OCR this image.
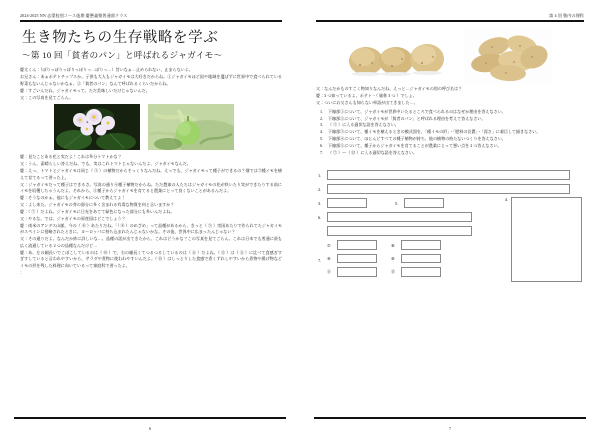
2024-2025 NN 志望校別コース後期 慶應義塾普通部クラス
生き物たちの生存戦略を学ぶ
〜第 10 回「貧者のパン」と呼ばれるジャガイモ〜
慶太くん：（ぽりっぽりっぽりっぽりっ…ぽりっ…）旨いなぁ…止められない、止まらないよ。
お兄さん：あぁポテトチップスか。子供も大人もジャガイモは大好きだからね。①ジャガイモほど国や地域を選ばずに世界中で食べられている野菜もないんじゃないかなぁ。②「貧者のパン」なんて呼ばれるくらいだからね。
慶：すごいんだね、ジャガイモって。ただ美味しいだけじゃないんだ。
父：この写真を見てごらん。
慶：見たことある花と実だよ！これは多分トマトかな？
父：うん、素晴らしい答えだね。でも、実はこれトマトじゃないんだよ、ジャガイモなんだ。
慶：えっ、トマトとジャガイモは同じ（ ③ ）の植物だからそっくりなんだね。えっでも、ジャガイモって種子ができるの？畑では③種イモを植えて育てるって習った上。
父：ジャガイモだって種子はできるさ。写真の通り④種子植物だからね。ただ農家の人たちはジャガイモの花が咲いたり実ができたりする前にイモを収穫しちゃうんだよ。それから、⑤種子からジャガイモを育てると農業にとって良くないことがあるんだよ。
慶：そうなのかぁ。他にもジャガイモについて教えてよ！
父：よし来た。ジャガイモの芽の部分に多く含まれる有毒な物質を何と言いますか？
慶：（ ⑦ ）だよね。ジャガイモに日光をあてて緑色になった部分にも多いんだよね。
父：やるな。では、ジャガイモの原産国はどこでしょう？
慶：南米のアンデス山脈、今の（ ⑧ ）あたりだね。「（ ⑧ ）のめざめ」って品種があるから、きっと（ ⑨ ）帝国あたりで作られてたジャガイモがスペインに侵略されたときに、ヨーロッパに持ち込まれたんじゃないかな。その後、世界中に広まったんじゃない？
父：その通りだよ。なんだか妙に詳しいな…。品種の話が出てきたから、これはどうかな？この写真を見てごらん。これは日本でも普通に最も広く流通している 2 つの品種なんだけど…
慶：あ、左の細長いでこぼこしているのは（ ⑩ ）で、右の細長くてつるつるしているのは（ ⑪ ）だよね。（ ⑫ ）は（ ⑪ ）に比べて食感ぎすぎすしていると言われやすいから、サラダや煮物に使われやすいんだよ。（ ⑬ ）はしっとりした食感で煮くずれしやすいから煮物や揚げ物などイモの形を残した料理に向いているって家庭科で習ったよ。
：
6
第 4 回 塾内の理科
父：なんだかものすごく物知りなんだね、えっと…ジャガイモの別の呼び名は？
慶：3 つ知っているよ。ポテト・（ 総称 3 つ ）でしょ。
父：ついにお父さんも知らない単語が出てきました…。
1.	下線部①について、ジャガイモが世界中いたるところで食べられるのはなぜか理由を答えなさい。
2.	下線部②について、ジャガイモが「貧者のパン」と呼ばれる理由を考えて答えなさい。
3.	（ ③ ）に入る適切な語を答えなさい。
4.	下線部③について、種イモを植えるときの模式図を、「種イモの形」・「肥料の位置」・「深さ」に着目して描きなさい。
5.	下線部④について、ほとんどすべての種子植物が持ち、他の植物の持たないつくりを答えなさい。
6.	下線部⑤について、種子からジャガイモを育てることが農業にとって悪い点を 2 つ答えなさい。
7.	（ ⑦ ）〜（ ⑬ ）に入る適切な語を答えなさい。
1.
2.
3.	5.
6.
7.
⑦	⑧
⑨	⑩
⑪	⑬
4.
7
